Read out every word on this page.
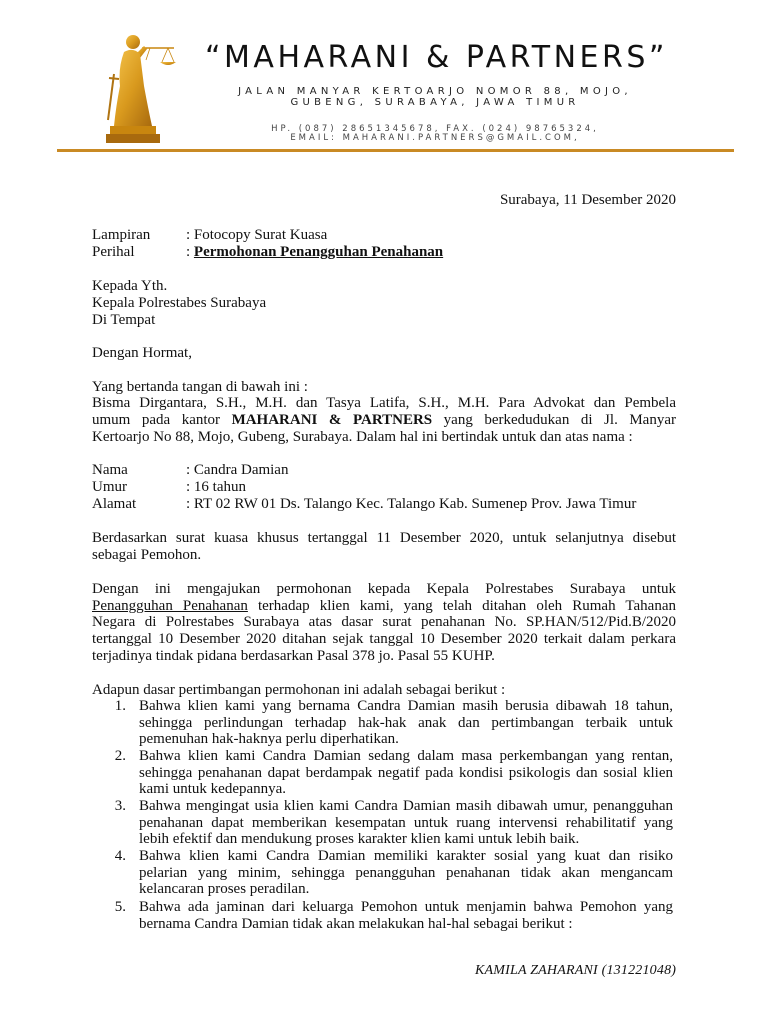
“MAHARANI & PARTNERS”
JALAN MANYAR KERTOARJO NOMOR 88, MOJO,
GUBENG, SURABAYA, JAWA TIMUR
HP. (087) 28651345678, FAX. (024) 98765324,
EMAIL: MAHARANI.PARTNERS@GMAIL.COM,
Surabaya, 11 Desember 2020
Lampiran : Fotocopy Surat Kuasa
Perihal	: Permohonan Penangguhan Penahanan
Kepada Yth.
Kepala Polrestabes Surabaya
Di Tempat
Dengan Hormat,
Yang bertanda tangan di bawah ini :
Bisma Dirgantara, S.H., M.H. dan Tasya Latifa, S.H., M.H. Para Advokat dan Pembela
umum pada kantor MAHARANI & PARTNERS yang berkedudukan di Jl. Manyar
Kertoarjo No 88, Mojo, Gubeng, Surabaya. Dalam hal ini bertindak untuk dan atas nama :
Nama	: Candra Damian
Umur	: 16 tahun
Alamat	: RT 02 RW 01 Ds. Talango Kec. Talango Kab. Sumenep Prov. Jawa Timur
Berdasarkan surat kuasa khusus tertanggal 11 Desember 2020, untuk selanjutnya disebut
sebagai Pemohon.
Dengan ini mengajukan permohonan kepada Kepala Polrestabes Surabaya untuk
Penangguhan Penahanan terhadap klien kami, yang telah ditahan oleh Rumah Tahanan
Negara di Polrestabes Surabaya atas dasar surat penahanan No. SP.HAN/512/Pid.B/2020
tertanggal 10 Desember 2020 ditahan sejak tanggal 10 Desember 2020 terkait dalam perkara
terjadinya tindak pidana berdasarkan Pasal 378 jo. Pasal 55 KUHP.
Adapun dasar pertimbangan permohonan ini adalah sebagai berikut :
1. Bahwa klien kami yang bernama Candra Damian masih berusia dibawah 18 tahun,
sehingga perlindungan terhadap hak-hak anak dan pertimbangan terbaik untuk
pemenuhan hak-haknya perlu diperhatikan.
2. Bahwa klien kami Candra Damian sedang dalam masa perkembangan yang rentan,
sehingga penahanan dapat berdampak negatif pada kondisi psikologis dan sosial klien
kami untuk kedepannya.
3. Bahwa mengingat usia klien kami Candra Damian masih dibawah umur, penangguhan
penahanan dapat memberikan kesempatan untuk ruang intervensi rehabilitatif yang
lebih efektif dan mendukung proses karakter klien kami untuk lebih baik.
4. Bahwa klien kami Candra Damian memiliki karakter sosial yang kuat dan risiko
pelarian yang minim, sehingga penangguhan penahanan tidak akan mengancam
kelancaran proses peradilan.
5. Bahwa ada jaminan dari keluarga Pemohon untuk menjamin bahwa Pemohon yang
bernama Candra Damian tidak akan melakukan hal-hal sebagai berikut :
KAMILA ZAHARANI (131221048)
